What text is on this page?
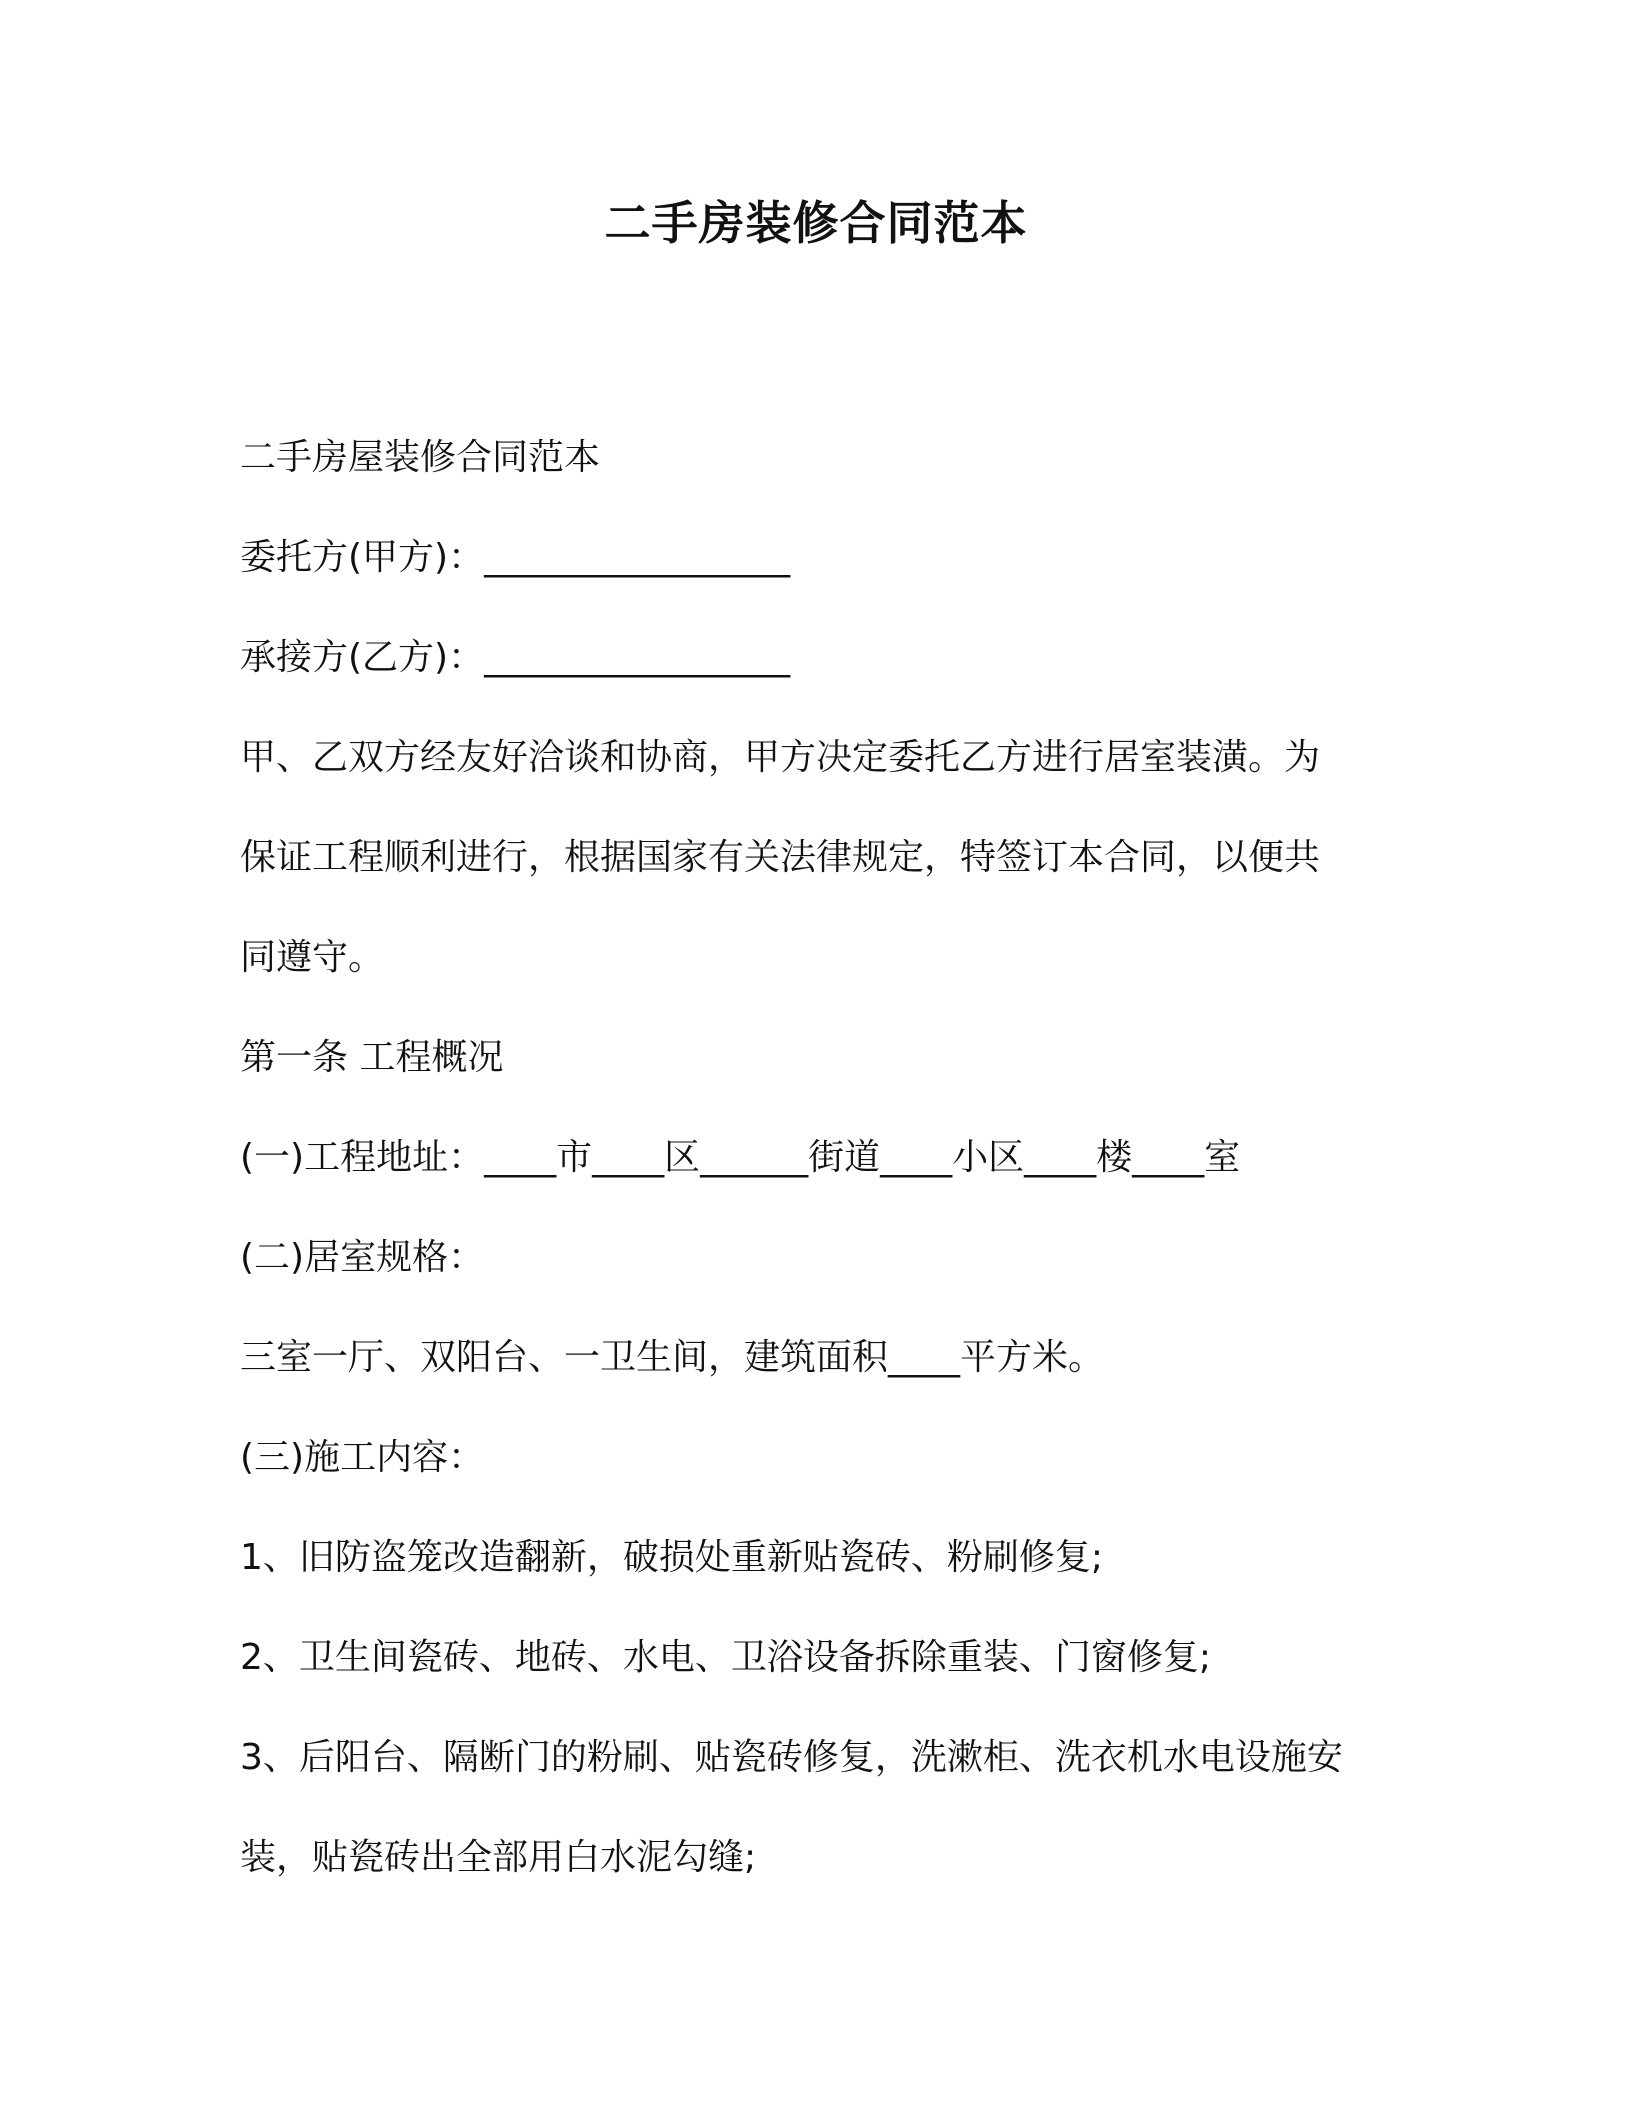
二手房装修合同范本
二手房屋装修合同范本
委托方(甲方)：_________________
承接方(乙方)：_________________
甲、乙双方经友好洽谈和协商，甲方决定委托乙方进行居室装潢。为
保证工程顺利进行，根据国家有关法律规定，特签订本合同，以便共
同遵守。
第一条 工程概况
(一)工程地址：____市____区______街道____小区____楼____室
(二)居室规格：
三室一厅、双阳台、一卫生间，建筑面积____平方米。
(三)施工内容：
1、旧防盗笼改造翻新，破损处重新贴瓷砖、粉刷修复;
2、卫生间瓷砖、地砖、水电、卫浴设备拆除重装、门窗修复;
3、后阳台、隔断门的粉刷、贴瓷砖修复，洗漱柜、洗衣机水电设施安
装，贴瓷砖出全部用白水泥勾缝;
